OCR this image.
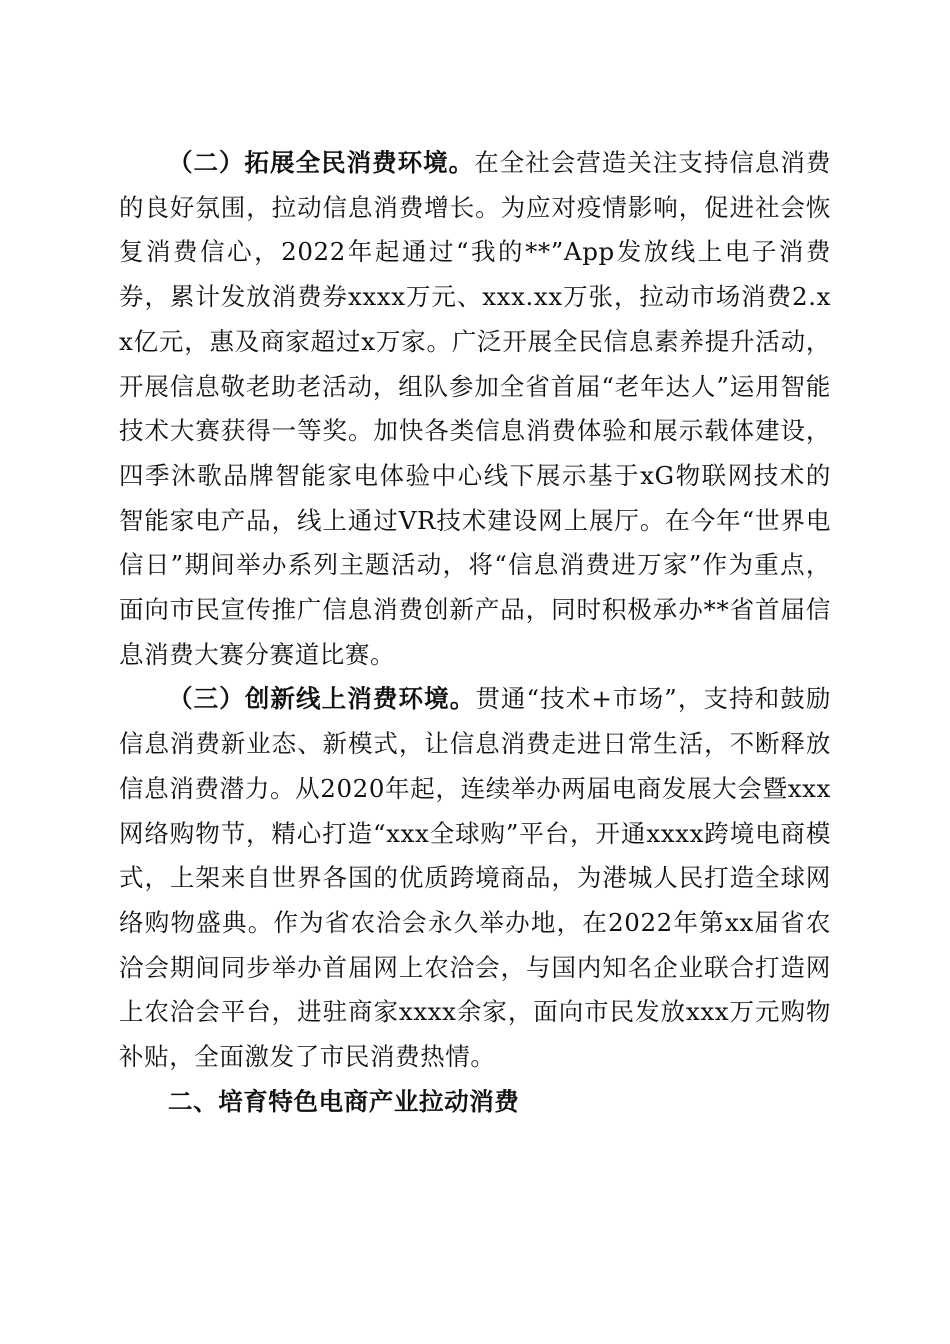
（二）拓展全民消费环境。在全社会营造关注支持信息消费的良好氛围，拉动信息消费增长。为应对疫情影响，促进社会恢复消费信心，2022年起通过“我的**”App发放线上电子消费券，累计发放消费券xxxx万元、xxx.xx万张，拉动市场消费2.xx亿元，惠及商家超过x万家。广泛开展全民信息素养提升活动，开展信息敬老助老活动，组队参加全省首届“老年达人”运用智能技术大赛获得一等奖。加快各类信息消费体验和展示载体建设，四季沐歌品牌智能家电体验中心线下展示基于xG物联网技术的智能家电产品，线上通过VR技术建设网上展厅。在今年“世界电信日”期间举办系列主题活动，将“信息消费进万家”作为重点，面向市民宣传推广信息消费创新产品，同时积极承办**省首届信息消费大赛分赛道比赛。

（三）创新线上消费环境。贯通“技术+市场”，支持和鼓励信息消费新业态、新模式，让信息消费走进日常生活，不断释放信息消费潜力。从2020年起，连续举办两届电商发展大会暨xxx网络购物节，精心打造“xxx全球购”平台，开通xxxx跨境电商模式，上架来自世界各国的优质跨境商品，为港城人民打造全球网络购物盛典。作为省农洽会永久举办地，在2022年第xx届省农洽会期间同步举办首届网上农洽会，与国内知名企业联合打造网上农洽会平台，进驻商家xxxx余家，面向市民发放xxx万元购物补贴，全面激发了市民消费热情。

二、培育特色电商产业拉动消费
